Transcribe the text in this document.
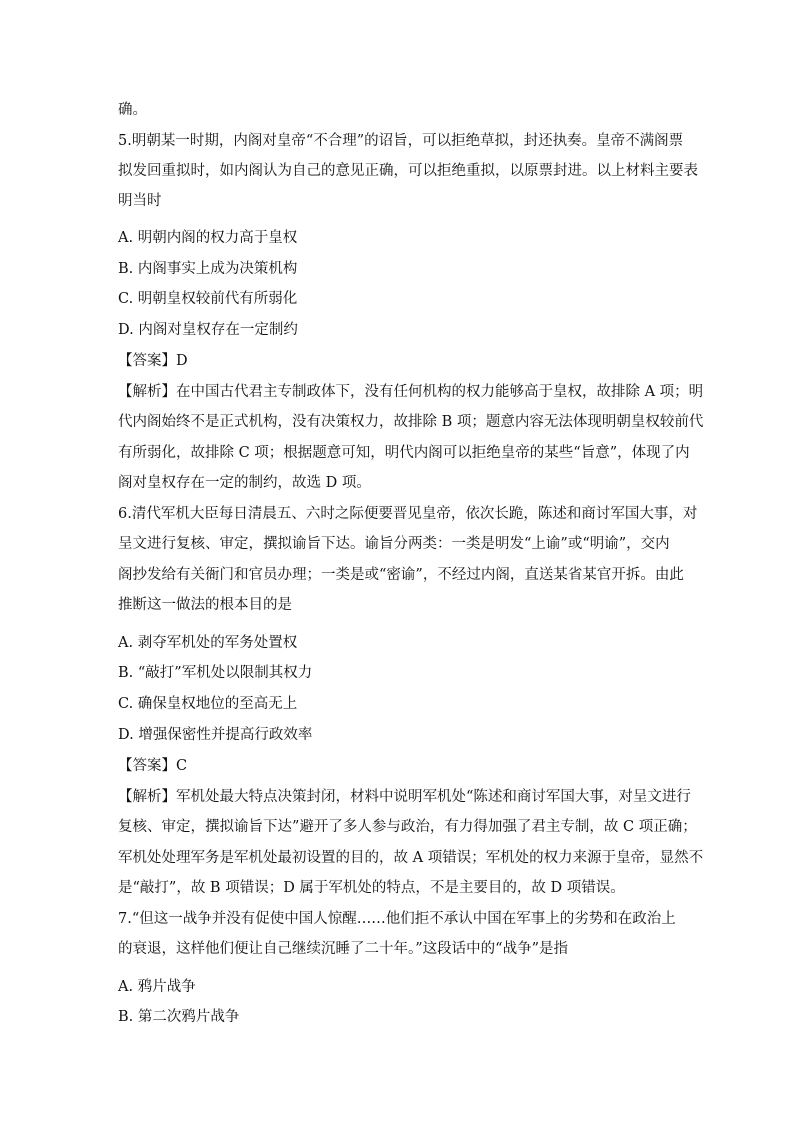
确。
5.明朝某一时期，内阁对皇帝“不合理”的诏旨，可以拒绝草拟，封还执奏。皇帝不满阁票
拟发回重拟时，如内阁认为自己的意见正确，可以拒绝重拟，以原票封进。以上材料主要表
明当时
A. 明朝内阁的权力高于皇权
B. 内阁事实上成为决策机构
C. 明朝皇权较前代有所弱化
D. 内阁对皇权存在一定制约
【答案】D
【解析】在中国古代君主专制政体下，没有任何机构的权力能够高于皇权，故排除 A 项；明
代内阁始终不是正式机构，没有决策权力，故排除 B 项；题意内容无法体现明朝皇权较前代
有所弱化，故排除 C 项；根据题意可知，明代内阁可以拒绝皇帝的某些“旨意”，体现了内
阁对皇权存在一定的制约，故选 D 项。
6.清代军机大臣每日清晨五、六时之际便要晋见皇帝，依次长跪，陈述和商讨军国大事，对
呈文进行复核、审定，撰拟谕旨下达。谕旨分两类：一类是明发“上谕”或“明谕”，交内
阁抄发给有关衙门和官员办理；一类是或“密谕”，不经过内阁，直送某省某官开拆。由此
推断这一做法的根本目的是
A. 剥夺军机处的军务处置权
B. “敲打”军机处以限制其权力
C. 确保皇权地位的至高无上
D. 增强保密性并提高行政效率
【答案】C
【解析】军机处最大特点决策封闭，材料中说明军机处“陈述和商讨军国大事，对呈文进行
复核、审定，撰拟谕旨下达”避开了多人参与政治，有力得加强了君主专制，故 C 项正确；
军机处处理军务是军机处最初设置的目的，故 A 项错误；军机处的权力来源于皇帝，显然不
是“敲打”，故 B 项错误；D 属于军机处的特点，不是主要目的，故 D 项错误。
7.“但这一战争并没有促使中国人惊醒……他们拒不承认中国在军事上的劣势和在政治上
的衰退，这样他们便让自己继续沉睡了二十年。”这段话中的“战争”是指
A. 鸦片战争
B. 第二次鸦片战争
